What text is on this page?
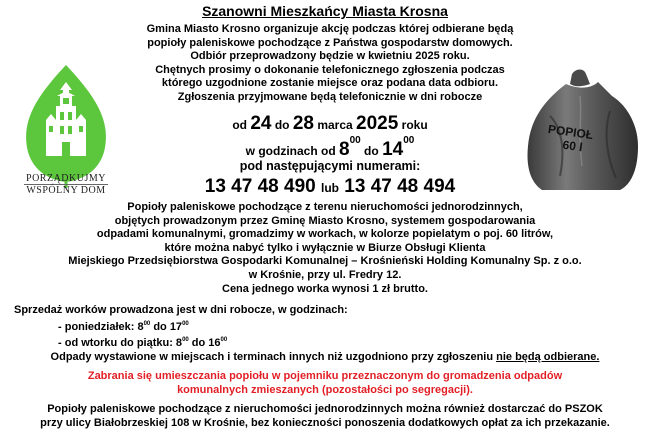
Szanowni Mieszkańcy Miasta Krosna
Gmina Miasto Krosno organizuje akcję podczas której odbierane będą
popioły paleniskowe pochodzące z Państwa gospodarstw domowych.
Odbiór przeprowadzony będzie w kwietniu 2025 roku.
Chętnych prosimy o dokonanie telefonicznego zgłoszenia podczas
którego uzgodnione zostanie miejsce oraz podana data odbioru.
Zgłoszenia przyjmowane będą telefonicznie w dni robocze
od 24 do 28 marca 2025 roku
w godzinach od $8^{00}$ do $14^{00}$
pod następującymi numerami:
13 47 48 490 lub 13 47 48 494
Popioły paleniskowe pochodzące z terenu nieruchomości jednorodzinnych,
objętych prowadzonym przez Gminę Miasto Krosno, systemem gospodarowania
odpadami komunalnymi, gromadzimy w workach, w kolorze popielatym o poj. 60 litrów,
które można nabyć tylko i wyłącznie w Biurze Obsługi Klienta
Miejskiego Przedsiębiorstwa Gospodarki Komunalnej – Krośnieński Holding Komunalny Sp. z o.o.
w Krośnie, przy ul. Fredry 12.
Cena jednego worka wynosi 1 zł brutto.
Sprzedaż worków prowadzona jest w dni robocze, w godzinach:
- poniedziałek: $8^{00}$ do $17^{00}$
- od wtorku do piątku: $8^{00}$ do $16^{00}$
Odpady wystawione w miejscach i terminach innych niż uzgodniono przy zgłoszeniu nie będą odbierane.
Zabrania się umieszczania popiołu w pojemniku przeznaczonym do gromadzenia odpadów
komunalnych zmieszanych (pozostałości po segregacji).
Popioły paleniskowe pochodzące z nieruchomości jednorodzinnych można również dostarczać do PSZOK
przy ulicy Białobrzeskiej 108 w Krośnie, bez konieczności ponoszenia dodatkowych opłat za ich przekazanie.
PORZĄDKUJMY
WSPÓLNY DOM
POPIOŁ
60 l
